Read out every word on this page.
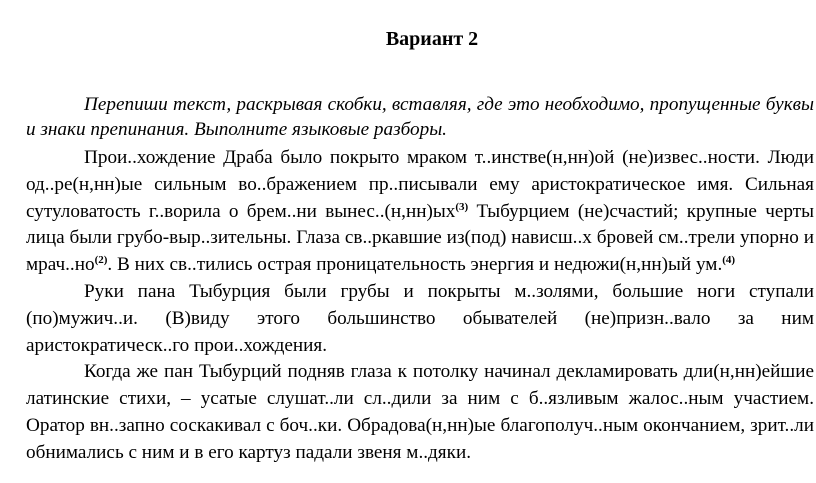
Вариант 2

Перепиши текст, раскрывая скобки, вставляя, где это необходимо, пропущенные буквы и знаки препинания. Выполните языковые разборы.

Прои..хождение Драба было покрыто мраком т..инстве(н,нн)ой (не)извес..ности. Люди од..ре(н,нн)ые сильным во..бражением пр..писывали ему аристократическое имя. Сильная сутуловатость г..ворила о брем..ни вынес..(н,нн)ых$^{(3)}$ Тыбурцием (не)счастий; крупные черты лица были грубо-выр..зительны. Глаза св..ркавшие из(под) нависш..х бровей см..трели упорно и мрач..но$^{(2)}$. В них св..тились острая проницательность энергия и недюжи(н,нн)ый ум.$^{(4)}$

Руки пана Тыбурция были грубы и покрыты м..золями, большие ноги ступали (по)мужич..и. (В)виду этого большинство обывателей (не)призн..вало за ним аристократическ..го прои..хождения.

Когда же пан Тыбурций подняв глаза к потолку начинал декламировать дли(н,нн)ейшие латинские стихи, – усатые слушат..ли сл..дили за ним с б..язливым жалос..ным участием. Оратор вн..запно соскакивал с боч..ки. Обрадова(н,нн)ые благополуч..ным окончанием, зрит..ли обнимались с ним и в его картуз падали звеня м..дяки.
